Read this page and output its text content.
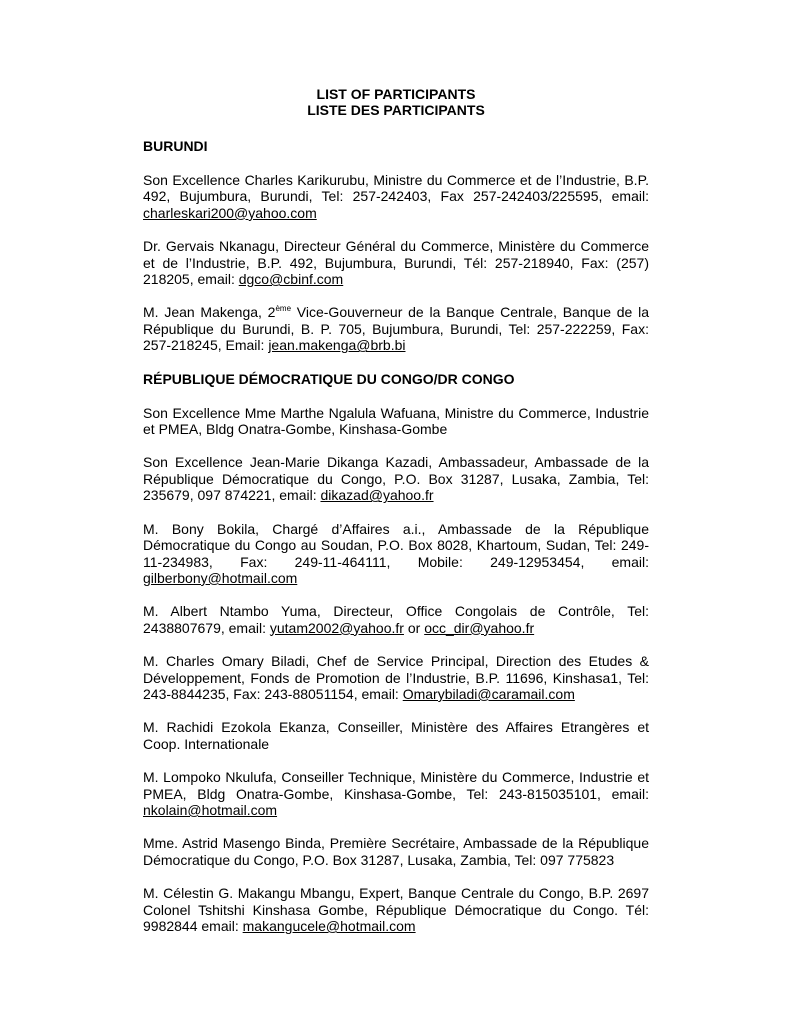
LIST OF PARTICIPANTS

LISTE DES PARTICIPANTS

BURUNDI

Son Excellence Charles Karikurubu, Ministre du Commerce et de l’Industrie, B.P. 492, Bujumbura, Burundi, Tel: 257-242403, Fax 257-242403/225595, email: charleskari200@yahoo.com

Dr. Gervais Nkanagu, Directeur Général du Commerce, Ministère du Commerce et de l’Industrie, B.P. 492, Bujumbura, Burundi, Tél: 257-218940, Fax: (257) 218205, email: dgco@cbinf.com

M. Jean Makenga, 2ème Vice-Gouverneur de la Banque Centrale, Banque de la République du Burundi, B. P. 705, Bujumbura, Burundi, Tel: 257-222259, Fax: 257-218245, Email: jean.makenga@brb.bi

RÉPUBLIQUE DÉMOCRATIQUE DU CONGO/DR CONGO

Son Excellence Mme Marthe Ngalula Wafuana, Ministre du Commerce, Industrie et PMEA, Bldg Onatra-Gombe, Kinshasa-Gombe

Son Excellence Jean-Marie Dikanga Kazadi, Ambassadeur, Ambassade de la République Démocratique du Congo, P.O. Box 31287, Lusaka, Zambia, Tel: 235679, 097 874221, email: dikazad@yahoo.fr

M. Bony Bokila, Chargé d’Affaires a.i., Ambassade de la République Démocratique du Congo au Soudan, P.O. Box 8028, Khartoum, Sudan, Tel: 249-11-234983, Fax: 249-11-464111, Mobile: 249-12953454, email: gilberbony@hotmail.com

M. Albert Ntambo Yuma, Directeur, Office Congolais de Contrôle, Tel: 2438807679, email: yutam2002@yahoo.fr or occ_dir@yahoo.fr

M. Charles Omary Biladi, Chef de Service Principal, Direction des Etudes & Développement, Fonds de Promotion de l’Industrie, B.P. 11696, Kinshasa1, Tel: 243-8844235, Fax: 243-88051154, email: Omarybiladi@caramail.com

M. Rachidi Ezokola Ekanza, Conseiller, Ministère des Affaires Etrangères et Coop. Internationale

M. Lompoko Nkulufa, Conseiller Technique, Ministère du Commerce, Industrie et PMEA, Bldg Onatra-Gombe, Kinshasa-Gombe, Tel: 243-815035101, email: nkolain@hotmail.com

Mme. Astrid Masengo Binda, Première Secrétaire, Ambassade de la République Démocratique du Congo, P.O. Box 31287, Lusaka, Zambia, Tel: 097 775823

M. Célestin G. Makangu Mbangu, Expert, Banque Centrale du Congo, B.P. 2697 Colonel Tshitshi Kinshasa Gombe, République Démocratique du Congo. Tél: 9982844 email: makangucele@hotmail.com
